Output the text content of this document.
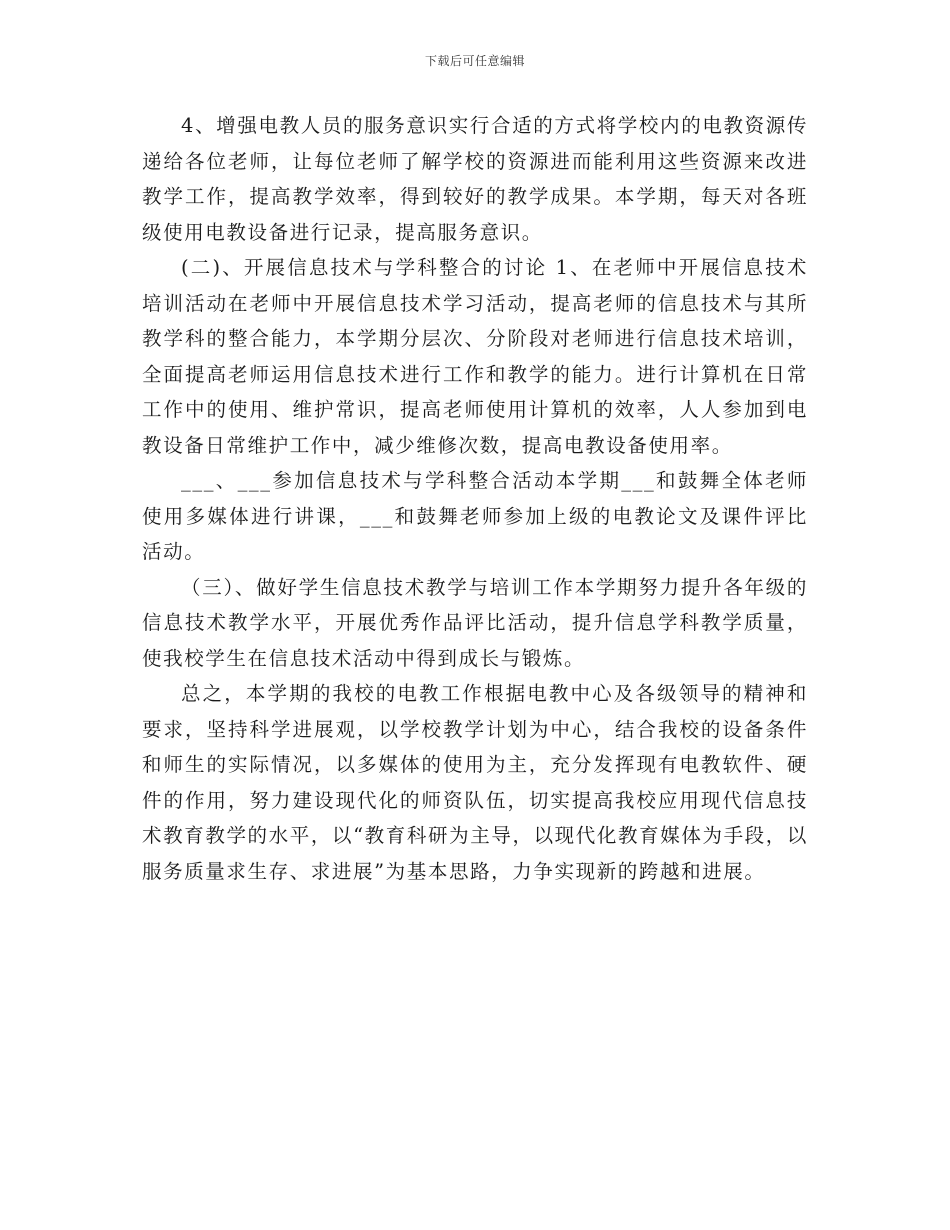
下载后可任意编辑

4、增强电教人员的服务意识实行合适的方式将学校内的电教资源传递给各位老师，让每位老师了解学校的资源进而能利用这些资源来改进教学工作，提高教学效率，得到较好的教学成果。本学期，每天对各班级使用电教设备进行记录，提高服务意识。

(二)、开展信息技术与学科整合的讨论 1、在老师中开展信息技术培训活动在老师中开展信息技术学习活动，提高老师的信息技术与其所教学科的整合能力，本学期分层次、分阶段对老师进行信息技术培训，全面提高老师运用信息技术进行工作和教学的能力。进行计算机在日常工作中的使用、维护常识，提高老师使用计算机的效率，人人参加到电教设备日常维护工作中，减少维修次数，提高电教设备使用率。

___、___参加信息技术与学科整合活动本学期___和鼓舞全体老师使用多媒体进行讲课，___和鼓舞老师参加上级的电教论文及课件评比活动。

（三）、做好学生信息技术教学与培训工作本学期努力提升各年级的信息技术教学水平，开展优秀作品评比活动，提升信息学科教学质量，使我校学生在信息技术活动中得到成长与锻炼。

总之，本学期的我校的电教工作根据电教中心及各级领导的精神和要求，坚持科学进展观，以学校教学计划为中心，结合我校的设备条件和师生的实际情况，以多媒体的使用为主，充分发挥现有电教软件、硬件的作用，努力建设现代化的师资队伍，切实提高我校应用现代信息技术教育教学的水平，以“教育科研为主导，以现代化教育媒体为手段，以服务质量求生存、求进展”为基本思路，力争实现新的跨越和进展。
